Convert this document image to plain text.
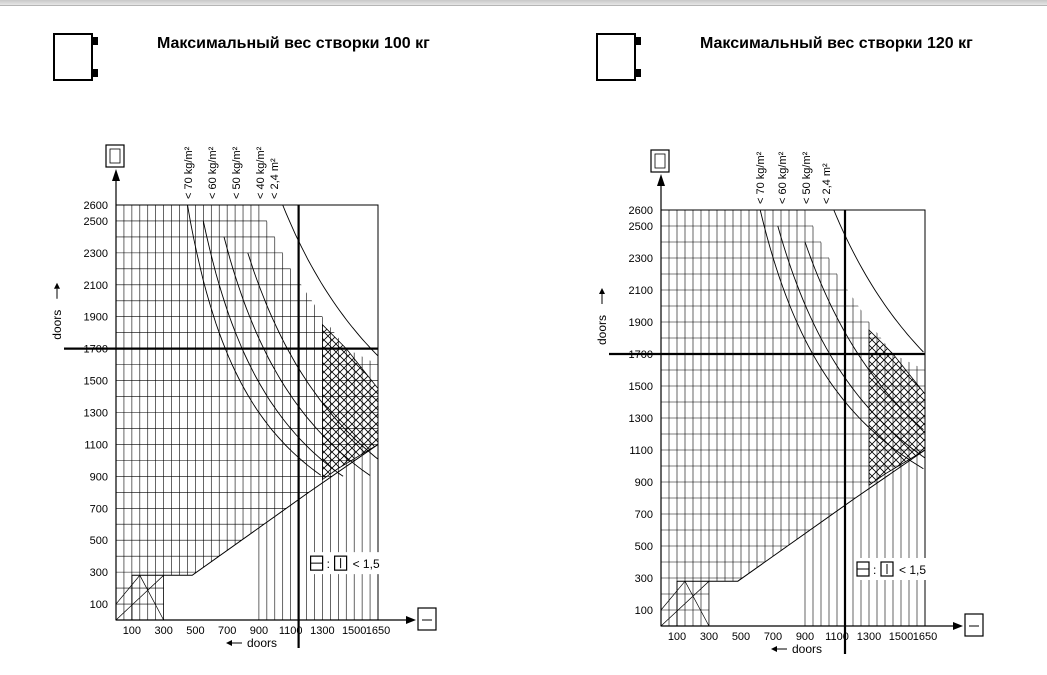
Максимальный вес створки 100 кг
100
300
500
700
900
1100
1300
1500
1700
1900
2100
2300
2500
2600
100 300 500 700 900 1100 1300 1500 1650
doors
doors
< 70 kg/m² < 60 kg/m² < 50 kg/m² < 40 kg/m² < 2,4 m²
: < 1,5
Максимальный вес створки 120 кг
100
300
500
700
900
1100
1300
1500
1700
1900
2100
2300
2500
2600
100 300 500 700 900 1100 1300 1500 1650
doors
doors
< 70 kg/m² < 60 kg/m² < 50 kg/m² < 2,4 m²
: < 1,5
